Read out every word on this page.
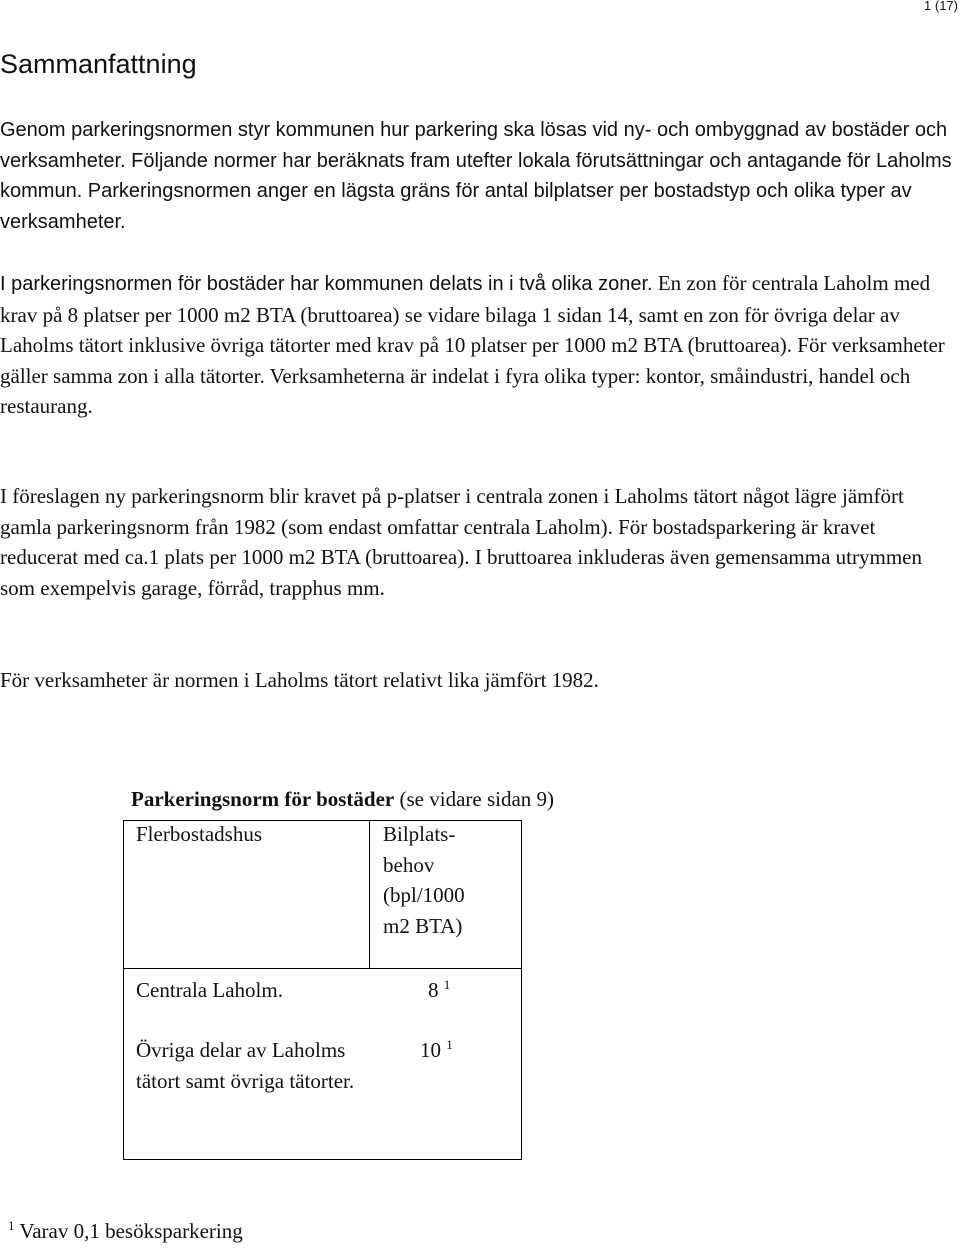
1 (17)
Sammanfattning

Genom parkeringsnormen styr kommunen hur parkering ska lösas vid ny- och ombyggnad av bostäder och verksamheter. Följande normer har beräknats fram utefter lokala förutsättningar och antagande för Laholms kommun. Parkeringsnormen anger en lägsta gräns för antal bilplatser per bostadstyp och olika typer av verksamheter.

I parkeringsnormen för bostäder har kommunen delats in i två olika zoner. En zon för centrala Laholm med krav på 8 platser per 1000 m2 BTA (bruttoarea) se vidare bilaga 1 sidan 14, samt en zon för övriga delar av Laholms tätort inklusive övriga tätorter med krav på 10 platser per 1000 m2 BTA (bruttoarea). För verksamheter gäller samma zon i alla tätorter. Verksamheterna är indelat i fyra olika typer: kontor, småindustri, handel och restaurang.

I föreslagen ny parkeringsnorm blir kravet på p-platser i centrala zonen i Laholms tätort något lägre jämfört gamla parkeringsnorm från 1982 (som endast omfattar centrala Laholm). För bostadsparkering är kravet reducerat med ca.1 plats per 1000 m2 BTA (bruttoarea). I bruttoarea inkluderas även gemensamma utrymmen som exempelvis garage, förråd, trapphus mm.

För verksamheter är normen i Laholms tätort relativt lika jämfört 1982.

Parkeringsnorm för bostäder (se vidare sidan 9)

Flerbostadshus	Bilplats-
behov
(bpl/1000
m2 BTA)

Centrala Laholm.	8 $^1$

Övriga delar av Laholms tätort samt övriga tätorter.

10 $^1$

$^1$ Varav 0,1 besöksparkering
